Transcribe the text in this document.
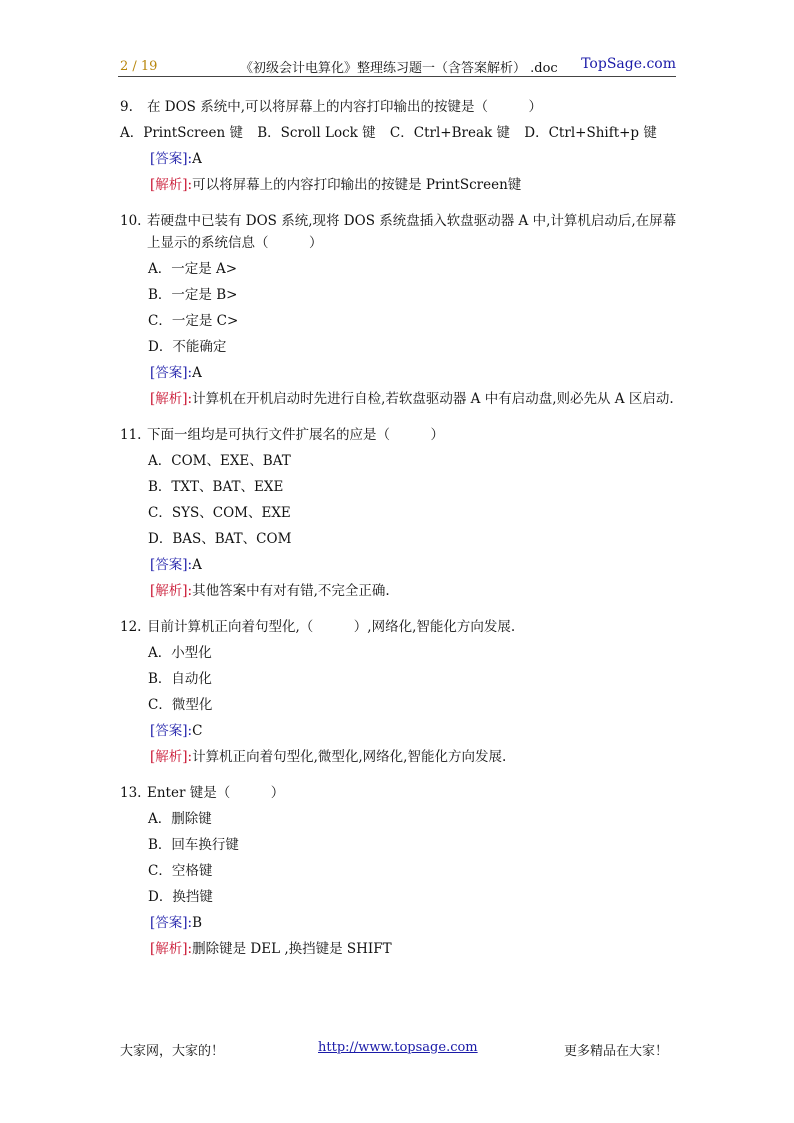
2 / 19	《初级会计电算化》整理练习题一（含答案解析） .doc TopSage.com
9. 在 DOS 系统中,可以将屏幕上的内容打印输出的按键是（　　　）
A．PrintScreen 键 B．Scroll Lock 键 C．Ctrl+Break 键 D．Ctrl+Shift+p 键
[答案]:A
[解析]: 可以将屏幕上的内容打印输出的按键是 PrintScreen键
10. 若硬盘中已装有 DOS 系统,现将 DOS 系统盘插入软盘驱动器 A 中,计算机启动后,在屏幕上显示的系统信息（　　　）
A．一定是 A>
B．一定是 B>
C．一定是 C>
D．不能确定
[答案]:A
[解析]: 计算机在开机启动时先进行自检,若软盘驱动器 A 中有启动盘,则必先从 A 区启动.
11. 下面一组均是可执行文件扩展名的应是（　　　）
A．COM、EXE、BAT
B．TXT、BAT、EXE
C．SYS、COM、EXE
D．BAS、BAT、COM
[答案]:A
[解析]: 其他答案中有对有错,不完全正确.
12. 目前计算机正向着句型化,（　　　）,网络化,智能化方向发展.
A．小型化
B．自动化
C．微型化
[答案]:C
[解析]: 计算机正向着句型化,微型化,网络化,智能化方向发展.
13. Enter 键是（　　　）
A．删除键
B．回车换行键
C．空格键
D．换挡键
[答案]:B
[解析]: 删除键是 DEL ,换挡键是 SHIFT
大家网，大家的！	http://www.topsage.com	更多精品在大家！
